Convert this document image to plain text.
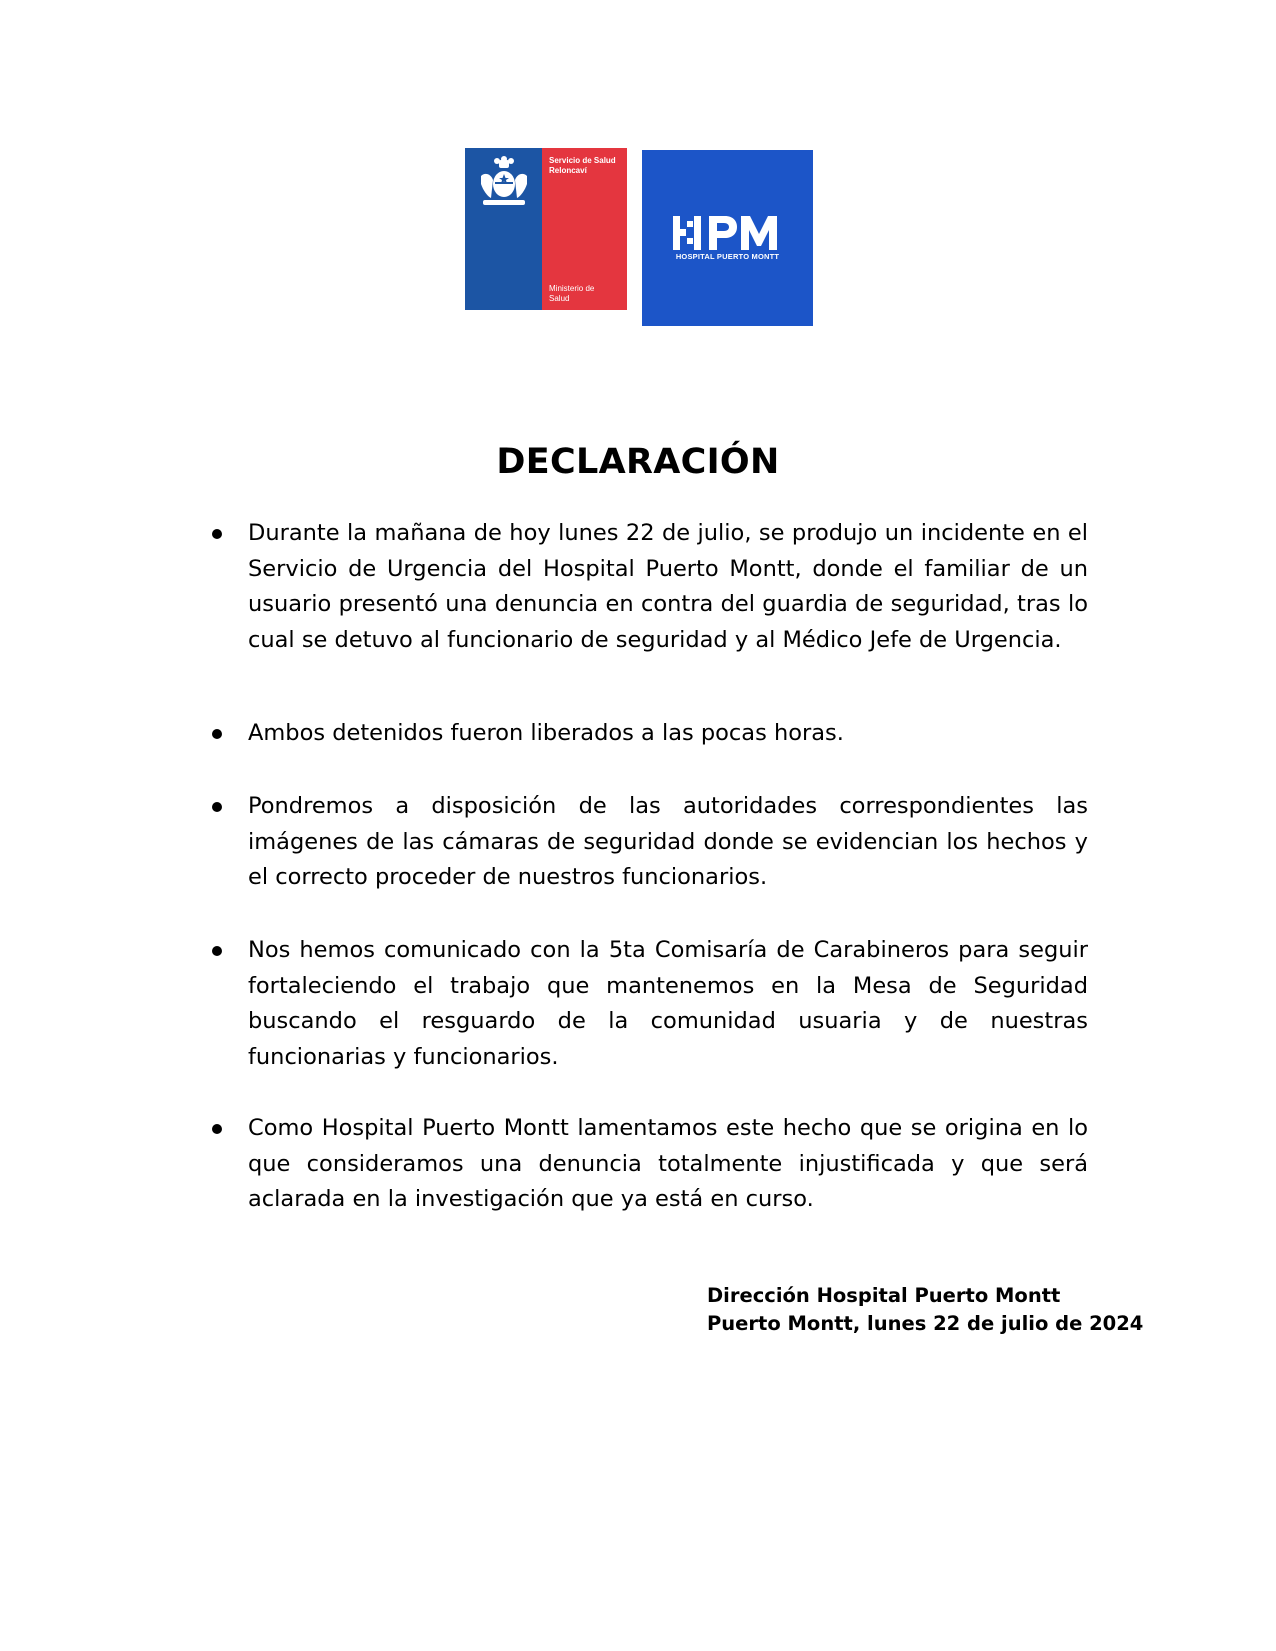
Servicio de Salud
Reloncaví
Ministerio de
Salud
HOSPITAL PUERTO MONTT
DECLARACIÓN
Durante la mañana de hoy lunes 22 de julio, se produjo un incidente en el Servicio de Urgencia del Hospital Puerto Montt, donde el familiar de un usuario presentó una denuncia en contra del guardia de seguridad, tras lo cual se detuvo al funcionario de seguridad y al Médico Jefe de Urgencia.
Ambos detenidos fueron liberados a las pocas horas.
Pondremos a disposición de las autoridades correspondientes las imágenes de las cámaras de seguridad donde se evidencian los hechos y el correcto proceder de nuestros funcionarios.
Nos hemos comunicado con la 5ta Comisaría de Carabineros para seguir fortaleciendo el trabajo que mantenemos en la Mesa de Seguridad buscando el resguardo de la comunidad usuaria y de nuestras funcionarias y funcionarios.
Como Hospital Puerto Montt lamentamos este hecho que se origina en lo que consideramos una denuncia totalmente injustificada y que será aclarada en la investigación que ya está en curso.
Dirección Hospital Puerto Montt
Puerto Montt, lunes 22 de julio de 2024
